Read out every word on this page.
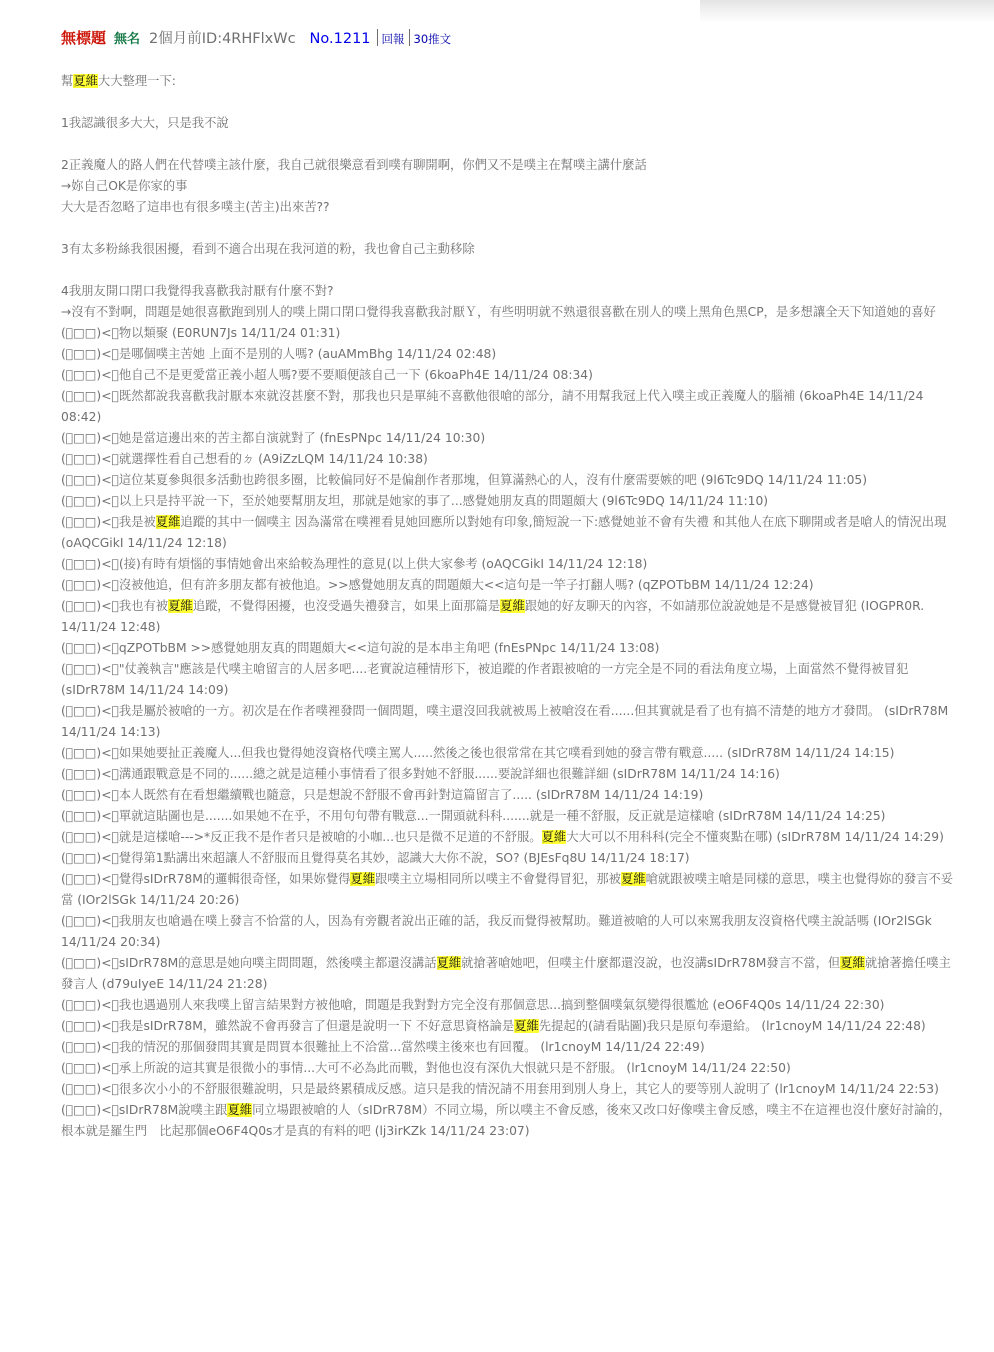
無標題 無名 2個月前ID:4RHFlxWc No.1211 回報 30推文
幫夏維大大整理一下:
1我認識很多大大，只是我不說
2正義魔人的路人們在代替噗主該什麼，我自己就很樂意看到噗有聊開啊，你們又不是噗主在幫噗主講什麼話
→妳自己OK是你家的事
大大是否忽略了這串也有很多噗主(苦主)出來苦??
3有太多粉絲我很困擾，看到不適合出現在我河道的粉，我也會自己主動移除
4我朋友開口閉口我覺得我喜歡我討厭有什麼不對?
→沒有不對啊，問題是她很喜歡跑到別人的噗上開口閉口覺得我喜歡我討厭Ｙ，有些明明就不熟還很喜歡在別人的噗上黑角色黑CP，是多想讓全天下知道她的喜好
(ﾟ□□)<：物以類聚 (E0RUN7Js 14/11/24 01:31)
(ﾟ□□)<：是哪個噗主苦她 上面不是別的人嗎? (auAMmBhg 14/11/24 02:48)
(ﾟ□□)<：他自己不是更愛當正義小超人嗎?要不要順便該自己一下 (6koaPh4E 14/11/24 08:34)
(ﾟ□□)<：既然都說我喜歡我討厭本來就沒甚麼不對，那我也只是單純不喜歡他很嗆的部分，請不用幫我冠上代入噗主或正義魔人的腦補 (6koaPh4E 14/11/24 08:42)
(ﾟ□□)<：她是當這邊出來的苦主都自演就對了 (fnEsPNpc 14/11/24 10:30)
(ﾟ□□)<：就選擇性看自己想看的ㄉ (A9iZzLQM 14/11/24 10:38)
(ﾟ□□)<：這位某夏參與很多活動也跨很多圈，比較偏同好不是偏創作者那塊，但算滿熱心的人，沒有什麼需要嫉的吧 (9l6Tc9DQ 14/11/24 11:05)
(ﾟ□□)<：以上只是持平說一下，至於她要幫朋友坦，那就是她家的事了...感覺她朋友真的問題頗大 (9l6Tc9DQ 14/11/24 11:10)
(ﾟ□□)<：我是被夏維追蹤的其中一個噗主 因為滿常在噗裡看見她回應所以對她有印象,簡短說一下:感覺她並不會有失禮 和其他人在底下聊開或者是嗆人的情況出現 (oAQCGikI 14/11/24 12:18)
(ﾟ□□)<：(接)有時有煩惱的事情她會出來給較為理性的意見(以上供大家參考 (oAQCGikI 14/11/24 12:18)
(ﾟ□□)<：沒被他追，但有許多朋友都有被他追。>>感覺她朋友真的問題頗大<<這句是一竿子打翻人嗎? (qZPOTbBM 14/11/24 12:24)
(ﾟ□□)<：我也有被夏維追蹤，不覺得困擾，也沒受過失禮發言，如果上面那篇是夏維跟她的好友聊天的內容，不如請那位說說她是不是感覺被冒犯 (IOGPR0R. 14/11/24 12:48)
(ﾟ□□)<：qZPOTbBM >>感覺她朋友真的問題頗大<<這句說的是本串主角吧 (fnEsPNpc 14/11/24 13:08)
(ﾟ□□)<："仗義執言"應該是代噗主嗆留言的人居多吧....老實說這種情形下，被追蹤的作者跟被嗆的一方完全是不同的看法角度立場，上面當然不覺得被冒犯 (sIDrR78M 14/11/24 14:09)
(ﾟ□□)<：我是屬於被嗆的一方。初次是在作者噗裡發問一個問題，噗主還沒回我就被馬上被嗆沒在看......但其實就是看了也有搞不清楚的地方才發問。 (sIDrR78M 14/11/24 14:13)
(ﾟ□□)<：如果她要扯正義魔人...但我也覺得她沒資格代噗主罵人.....然後之後也很常常在其它噗看到她的發言帶有戰意..... (sIDrR78M 14/11/24 14:15)
(ﾟ□□)<：溝通跟戰意是不同的......總之就是這種小事情看了很多對她不舒服......要說詳細也很難詳細 (sIDrR78M 14/11/24 14:16)
(ﾟ□□)<：本人既然有在看想繼續戰也隨意，只是想說不舒服不會再針對這篇留言了..... (sIDrR78M 14/11/24 14:19)
(ﾟ□□)<：單就這貼圖也是.......如果她不在乎，不用句句帶有戰意...一開頭就科科.......就是一種不舒服，反正就是這樣嗆 (sIDrR78M 14/11/24 14:25)
(ﾟ□□)<：就是這樣嗆--->*反正我不是作者只是被嗆的小咖...也只是微不足道的不舒服。夏維大大可以不用科科(完全不懂爽點在哪) (sIDrR78M 14/11/24 14:29)
(ﾟ□□)<：覺得第1點講出來超讓人不舒服而且覺得莫名其妙，認識大大你不說，SO? (BJEsFq8U 14/11/24 18:17)
(ﾟ□□)<：覺得sIDrR78M的邏輯很奇怪，如果妳覺得夏維跟噗主立場相同所以噗主不會覺得冒犯，那被夏維嗆就跟被噗主嗆是同樣的意思，噗主也覺得妳的發言不妥當 (IOr2lSGk 14/11/24 20:26)
(ﾟ□□)<：我朋友也嗆過在噗上發言不恰當的人，因為有旁觀者說出正確的話，我反而覺得被幫助。難道被嗆的人可以來罵我朋友沒資格代噗主說話嗎 (IOr2lSGk 14/11/24 20:34)
(ﾟ□□)<：sIDrR78M的意思是她向噗主問問題，然後噗主都還沒講話夏維就搶著嗆她吧，但噗主什麼都還沒說，也沒講sIDrR78M發言不當，但夏維就搶著擔任噗主發言人 (d79uIyeE 14/11/24 21:28)
(ﾟ□□)<：我也遇過別人來我噗上留言結果對方被他嗆，問題是我對對方完全沒有那個意思...搞到整個噗氣氛變得很尷尬 (eO6F4Q0s 14/11/24 22:30)
(ﾟ□□)<：我是sIDrR78M，雖然說不會再發言了但還是說明一下 不好意思資格論是夏維先提起的(請看貼圖)我只是原句奉還給。 (lr1cnoyM 14/11/24 22:48)
(ﾟ□□)<：我的情況的那個發問其實是問買本很難扯上不洽當...當然噗主後來也有回覆。 (lr1cnoyM 14/11/24 22:49)
(ﾟ□□)<：承上所說的這其實是很微小的事情...大可不必為此而戰，對他也沒有深仇大恨就只是不舒服。 (lr1cnoyM 14/11/24 22:50)
(ﾟ□□)<：很多次小小的不舒服很難說明，只是最終累積成反感。這只是我的情況請不用套用到別人身上，其它人的要等別人說明了 (lr1cnoyM 14/11/24 22:53)
(ﾟ□□)<：sIDrR78M說噗主跟夏維同立場跟被嗆的人（sIDrR78M）不同立場，所以噗主不會反感，後來又改口好像噗主會反感，噗主不在這裡也沒什麼好討論的，根本就是羅生門　比起那個eO6F4Q0s才是真的有料的吧 (lj3irKZk 14/11/24 23:07)
